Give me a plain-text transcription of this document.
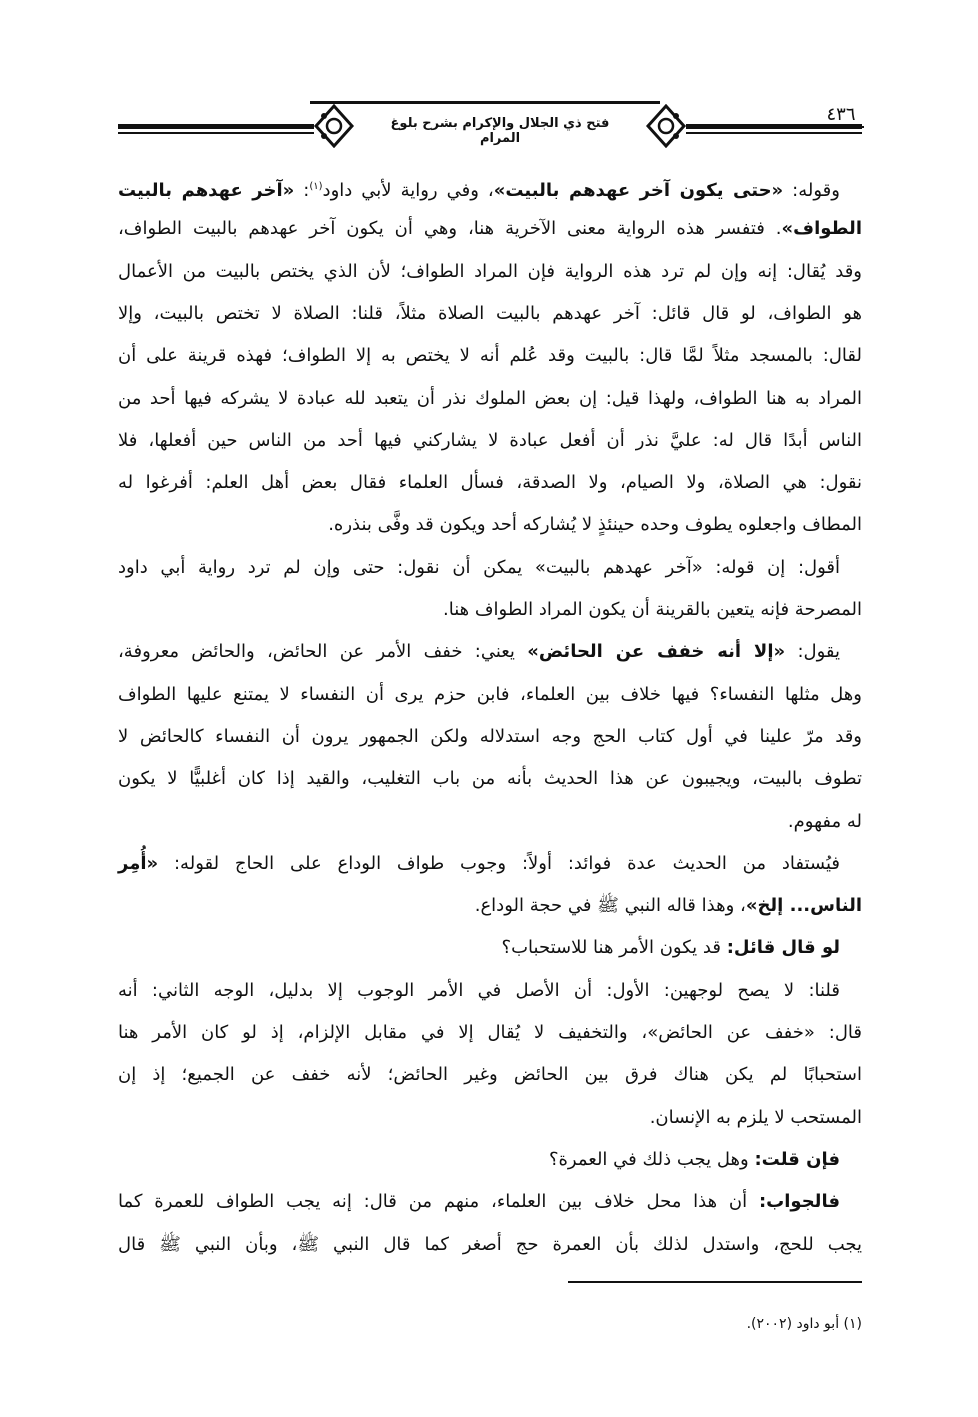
فتح ذي الجلال والإكرام بشرح بلوغ المرام
٤٣٦
وقوله: «حتى يكون آخر عهدهم بالبيت»، وفي رواية لأبي داود$^{(١)}$: «آخر عهدهم بالبيت
الطواف». فتفسر هذه الرواية معنى الآخرية هنا، وهي أن يكون آخر عهدهم بالبيت الطواف،
وقد يُقال: إنه وإن لم ترد هذه الرواية فإن المراد الطواف؛ لأن الذي يختص بالبيت من الأعمال
هو الطواف، لو قال قائل: آخر عهدهم بالبيت الصلاة مثلاً، قلنا: الصلاة لا تختص بالبيت، وإلا
لقال: بالمسجد مثلاً لمَّا قال: بالبيت وقد عُلم أنه لا يختص به إلا الطواف؛ فهذه قرينة على أن
المراد به هنا الطواف، ولهذا قيل: إن بعض الملوك نذر أن يتعبد لله عبادة لا يشركه فيها أحد من
الناس أبدًا قال له: عليَّ نذر أن أفعل عبادة لا يشاركني فيها أحد من الناس حين أفعلها، فلا
نقول: هي الصلاة، ولا الصيام، ولا الصدقة، فسأل العلماء فقال بعض أهل العلم: أفرغوا له
المطاف واجعلوه يطوف وحده حينئذٍ لا يُشاركه أحد ويكون قد وفَّى بنذره.
أقول: إن قوله: «آخر عهدهم بالبيت» يمكن أن نقول: حتى وإن لم ترد رواية أبي داود
المصرحة فإنه يتعين بالقرينة أن يكون المراد الطواف هنا.
يقول: «إلا أنه خفف عن الحائض» يعني: خفف الأمر عن الحائض، والحائض معروفة،
وهل مثلها النفساء؟ فيها خلاف بين العلماء، فابن حزم يرى أن النفساء لا يمتنع عليها الطواف
وقد مرّ علينا في أول كتاب الحج وجه استدلاله ولكن الجمهور يرون أن النفساء كالحائض لا
تطوف بالبيت، ويجيبون عن هذا الحديث بأنه من باب التغليب، والقيد إذا كان أغلبيًّا لا يكون
له مفهوم.
فيُستفاد من الحديث عدة فوائد: أولاً: وجوب طواف الوداع على الحاج لقوله: «أُمِر
الناس... إلخ»، وهذا قاله النبي ﷺ في حجة الوداع.
لو قال قائل: قد يكون الأمر هنا للاستحباب؟
قلنا: لا يصح لوجهين: الأول: أن الأصل في الأمر الوجوب إلا بدليل، الوجه الثاني: أنه
قال: «خفف عن الحائض»، والتخفيف لا يُقال إلا في مقابل الإلزام، إذ لو كان الأمر هنا
استحبابًا لم يكن هناك فرق بين الحائض وغير الحائض؛ لأنه خفف عن الجميع؛ إذ إن
المستحب لا يلزم به الإنسان.
فإن قلت: وهل يجب ذلك في العمرة؟
فالجواب: أن هذا محل خلاف بين العلماء، منهم من قال: إنه يجب الطواف للعمرة كما
يجب للحج، واستدل لذلك بأن العمرة حج أصغر كما قال النبي ﷺ، وبأن النبي ﷺ قال
(١) أبو داود (٢٠٠٢).
